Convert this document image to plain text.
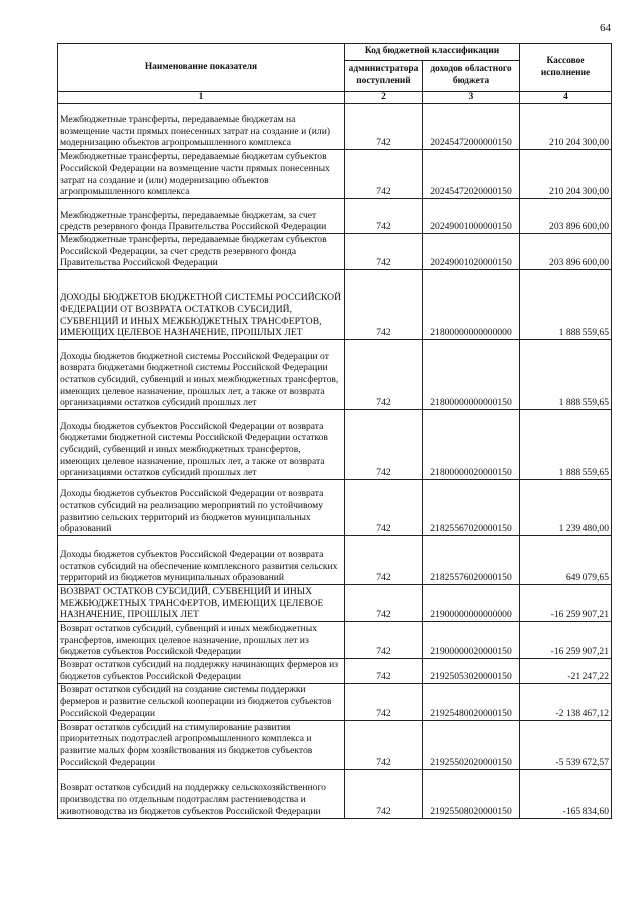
64
Наименование показателя	Код бюджетной классификации		Кассовое исполнение
	администратора поступлений	доходов областного бюджета	
1	2	3	4
Межбюджетные трансферты, передаваемые бюджетам на возмещение части прямых понесенных затрат на создание и (или) модернизацию объектов агропромышленного комплекса	742	20245472000000150	210 204 300,00
Межбюджетные трансферты, передаваемые бюджетам субъектов Российской Федерации на возмещение части прямых понесенных затрат на создание и (или) модернизацию объектов агропромышленного комплекса	742	20245472020000150	210 204 300,00
Межбюджетные трансферты, передаваемые бюджетам, за счет средств резервного фонда Правительства Российской Федерации	742	20249001000000150	203 896 600,00
Межбюджетные трансферты, передаваемые бюджетам субъектов Российской Федерации, за счет средств резервного фонда Правительства Российской Федерации	742	20249001020000150	203 896 600,00
ДОХОДЫ БЮДЖЕТОВ БЮДЖЕТНОЙ СИСТЕМЫ РОССИЙСКОЙ ФЕДЕРАЦИИ ОТ ВОЗВРАТА ОСТАТКОВ СУБСИДИЙ, СУБВЕНЦИЙ И ИНЫХ МЕЖБЮДЖЕТНЫХ ТРАНСФЕРТОВ, ИМЕЮЩИХ ЦЕЛЕВОЕ НАЗНАЧЕНИЕ, ПРОШЛЫХ ЛЕТ	742	21800000000000000	1 888 559,65
Доходы бюджетов бюджетной системы Российской Федерации от возврата бюджетами бюджетной системы Российской Федерации остатков субсидий, субвенций и иных межбюджетных трансфертов, имеющих целевое назначение, прошлых лет, а также от возврата организациями остатков субсидий прошлых лет	742	21800000000000150	1 888 559,65
Доходы бюджетов субъектов Российской Федерации от возврата бюджетами бюджетной системы Российской Федерации остатков субсидий, субвенций и иных межбюджетных трансфертов, имеющих целевое назначение, прошлых лет, а также от возврата организациями остатков субсидий прошлых лет	742	21800000020000150	1 888 559,65
Доходы бюджетов субъектов Российской Федерации от возврата остатков субсидий на реализацию мероприятий по устойчивому развитию сельских территорий из бюджетов муниципальных образований	742	21825567020000150	1 239 480,00
Доходы бюджетов субъектов Российской Федерации от возврата остатков субсидий на обеспечение комплексного развития сельских территорий из бюджетов муниципальных образований	742	21825576020000150	649 079,65
ВОЗВРАТ ОСТАТКОВ СУБСИДИЙ, СУБВЕНЦИЙ И ИНЫХ МЕЖБЮДЖЕТНЫХ ТРАНСФЕРТОВ, ИМЕЮЩИХ ЦЕЛЕВОЕ НАЗНАЧЕНИЕ, ПРОШЛЫХ ЛЕТ	742	21900000000000000	-16 259 907,21
Возврат остатков субсидий, субвенций и иных межбюджетных трансфертов, имеющих целевое назначение, прошлых лет из бюджетов субъектов Российской Федерации	742	21900000020000150	-16 259 907,21
Возврат остатков субсидий на поддержку начинающих фермеров из бюджетов субъектов Российской Федерации	742	21925053020000150	-21 247,22
Возврат остатков субсидий на создание системы поддержки фермеров и развитие сельской кооперации из бюджетов субъектов Российской Федерации	742	21925480020000150	-2 138 467,12
Возврат остатков субсидий на стимулирование развития приоритетных подотраслей агропромышленного комплекса и развитие малых форм хозяйствования из бюджетов субъектов Российской Федерации	742	21925502020000150	-5 539 672,57
Возврат остатков субсидий на поддержку сельскохозяйственного производства по отдельным подотраслям растениеводства и животноводства из бюджетов субъектов Российской Федерации	742	21925508020000150	-165 834,60
